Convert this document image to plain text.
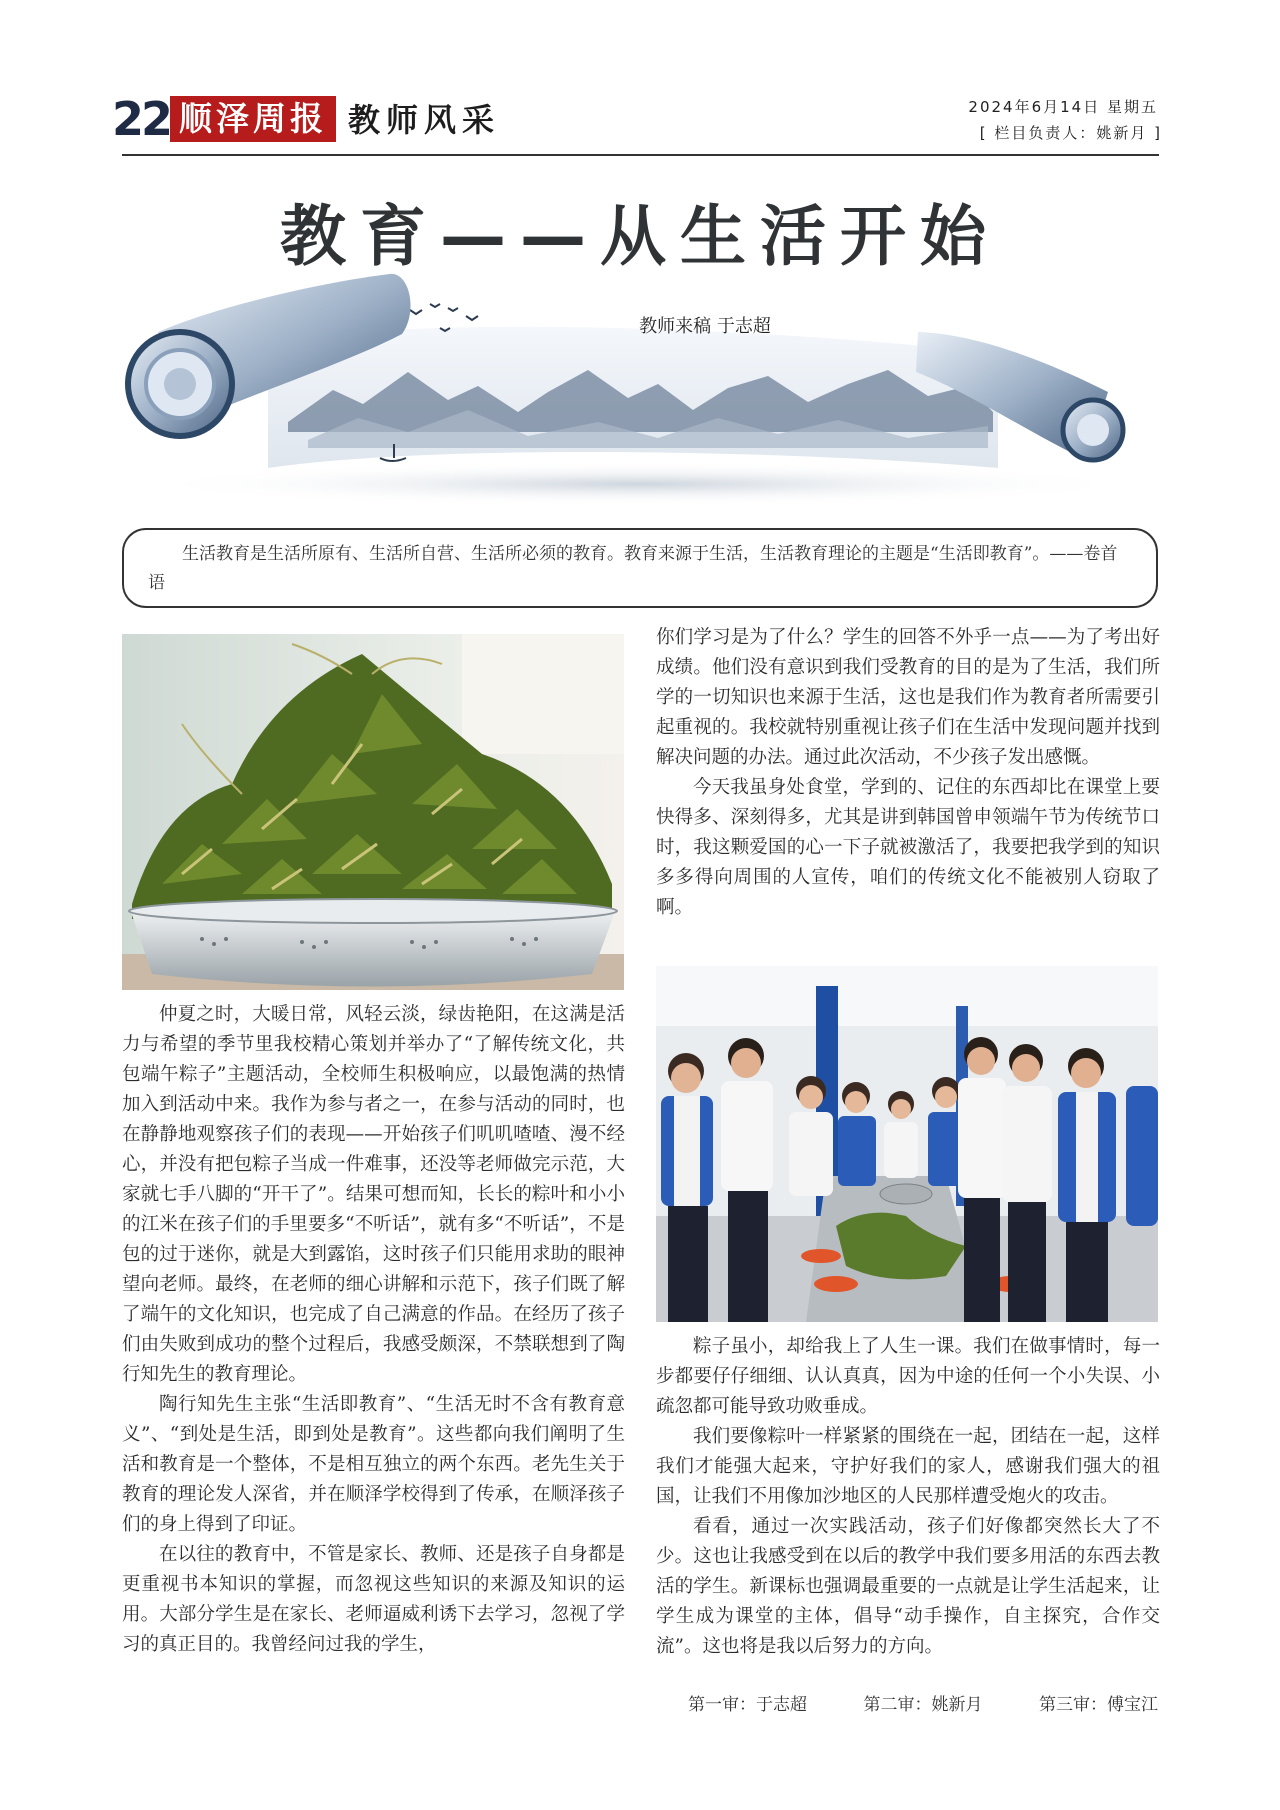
22 顺泽周报 教师风采	2024年6月14日 星期五
[ 栏目负责人：姚新月 ]
教育——从生活开始
教师来稿 于志超

生活教育是生活所原有、生活所自营、生活所必须的教育。教育来源于生活，生活教育理论的主题是“生活即教育”。——卷首语

仲夏之时，大暖日常，风轻云淡，绿齿艳阳，在这满是活力与希望的季节里我校精心策划并举办了“了解传统文化，共包端午粽子”主题活动，全校师生积极响应，以最饱满的热情加入到活动中来。我作为参与者之一，在参与活动的同时，也在静静地观察孩子们的表现——开始孩子们叽叽喳喳、漫不经心，并没有把包粽子当成一件难事，还没等老师做完示范，大家就七手八脚的“开干了”。结果可想而知，长长的粽叶和小小的江米在孩子们的手里要多“不听话”，就有多“不听话”，不是包的过于迷你，就是大到露馅，这时孩子们只能用求助的眼神望向老师。最终，在老师的细心讲解和示范下，孩子们既了解了端午的文化知识，也完成了自己满意的作品。在经历了孩子们由失败到成功的整个过程后，我感受颇深，不禁联想到了陶行知先生的教育理论。

陶行知先生主张“生活即教育”、“生活无时不含有教育意义”、“到处是生活，即到处是教育”。这些都向我们阐明了生活和教育是一个整体，不是相互独立的两个东西。老先生关于教育的理论发人深省，并在顺泽学校得到了传承，在顺泽孩子们的身上得到了印证。

在以往的教育中，不管是家长、教师、还是孩子自身都是更重视书本知识的掌握，而忽视这些知识的来源及知识的运用。大部分学生是在家长、老师逼威利诱下去学习，忽视了学习的真正目的。我曾经问过我的学生，

你们学习是为了什么？学生的回答不外乎一点——为了考出好成绩。他们没有意识到我们受教育的目的是为了生活，我们所学的一切知识也来源于生活，这也是我们作为教育者所需要引起重视的。我校就特别重视让孩子们在生活中发现问题并找到解决问题的办法。通过此次活动，不少孩子发出感慨。

今天我虽身处食堂，学到的、记住的东西却比在课堂上要快得多、深刻得多，尤其是讲到韩国曾申领端午节为传统节口时，我这颗爱国的心一下子就被激活了，我要把我学到的知识多多得向周围的人宣传，咱们的传统文化不能被别人窃取了啊。

粽子虽小，却给我上了人生一课。我们在做事情时，每一步都要仔仔细细、认认真真，因为中途的任何一个小失误、小疏忽都可能导致功败垂成。

我们要像粽叶一样紧紧的围绕在一起，团结在一起，这样我们才能强大起来，守护好我们的家人，感谢我们强大的祖国，让我们不用像加沙地区的人民那样遭受炮火的攻击。

看看，通过一次实践活动，孩子们好像都突然长大了不少。这也让我感受到在以后的教学中我们要多用活的东西去教活的学生。新课标也强调最重要的一点就是让学生活起来，让学生成为课堂的主体，倡导“动手操作，自主探究，合作交流”。这也将是我以后努力的方向。

第一审：于志超	第二审：姚新月	第三审：傅宝江
